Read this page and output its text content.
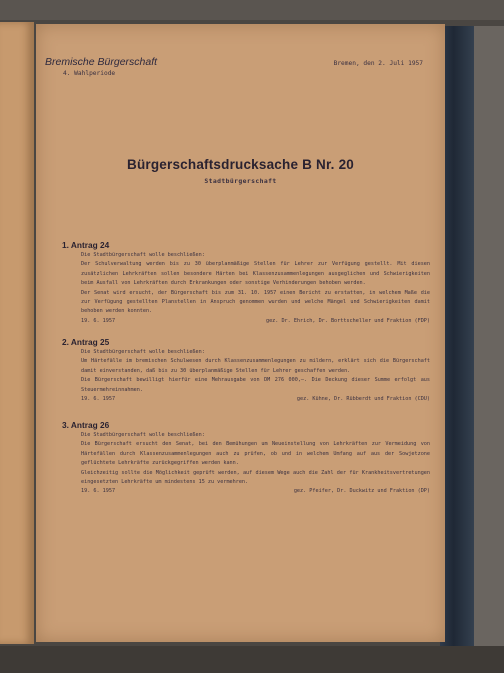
Bremische Bürgerschaft
4. Wahlperiode
Bremen, den 2. Juli 1957
Bürgerschaftsdrucksache B Nr. 20
Stadtbürgerschaft
1. Antrag 24
Die Stadtbürgerschaft wolle beschließen:
Der Schulverwaltung werden bis zu 30 überplanmäßige Stellen für Lehrer zur Verfügung gestellt. Mit diesen zusätzlichen Lehrkräften sollen besondere Härten bei Klassenzusammenlegungen ausgeglichen und Schwierigkeiten beim Ausfall von Lehrkräften durch Erkrankungen oder sonstige Verhinderungen behoben werden.
Der Senat wird ersucht, der Bürgerschaft bis zum 31. 10. 1957 einen Bericht zu erstatten, in welchem Maße die zur Verfügung gestellten Planstellen in Anspruch genommen wurden und welche Mängel und Schwierigkeiten damit behoben werden konnten.
19. 6. 1957	gez. Dr. Ehrich, Dr. Borttscheller und Fraktion (FDP)
2. Antrag 25
Die Stadtbürgerschaft wolle beschließen:
Um Härtefälle im bremischen Schulwesen durch Klassenzusammenlegungen zu mildern, erklärt sich die Bürgerschaft damit einverstanden, daß bis zu 30 überplanmäßige Stellen für Lehrer geschaffen werden.
Die Bürgerschaft bewilligt hierfür eine Mehrausgabe von DM 276 000,—. Die Deckung dieser Summe erfolgt aus Steuermehreinnahmen.
19. 6. 1957	gez. Kühne, Dr. Rübberdt und Fraktion (CDU)
3. Antrag 26
Die Stadtbürgerschaft wolle beschließen:
Die Bürgerschaft ersucht den Senat, bei den Bemühungen um Neueinstellung von Lehrkräften zur Vermeidung von Härtefällen durch Klassenzusammenlegungen auch zu prüfen, ob und in welchem Umfang auf aus der Sowjetzone geflüchtete Lehrkräfte zurückgegriffen werden kann.
Gleichzeitig sollte die Möglichkeit geprüft werden, auf diesem Wege auch die Zahl der für Krankheitsvertretungen eingesetzten Lehrkräfte um mindestens 15 zu vermehren.
19. 6. 1957	gez. Pfeifer, Dr. Duckwitz und Fraktion (DP)
